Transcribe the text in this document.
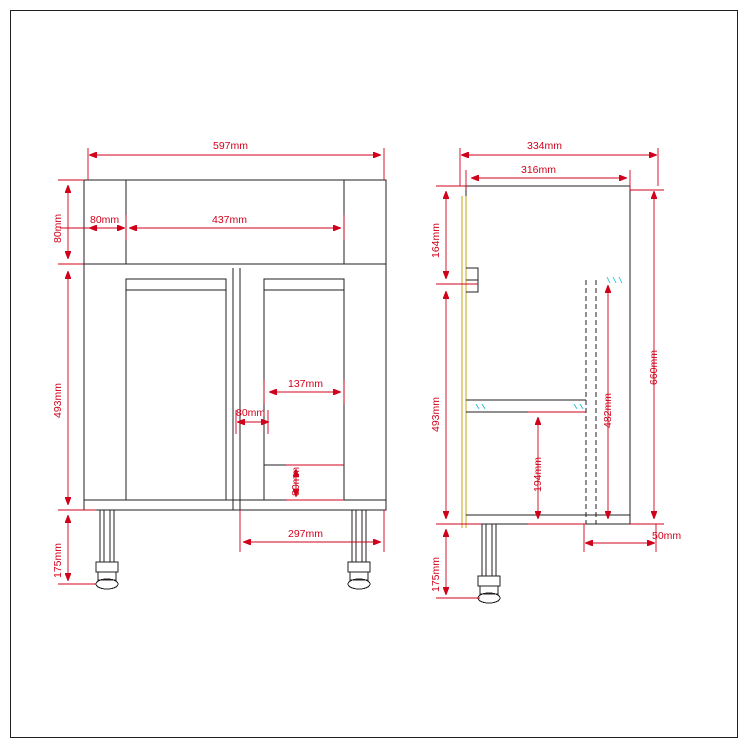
597mm
80mm	437mm
80mm
493mm
175mm
137mm
80mm
80mm
297mm
334mm
316mm
164mm
493mm
175mm
660mm
482mm
194mm
50mm
